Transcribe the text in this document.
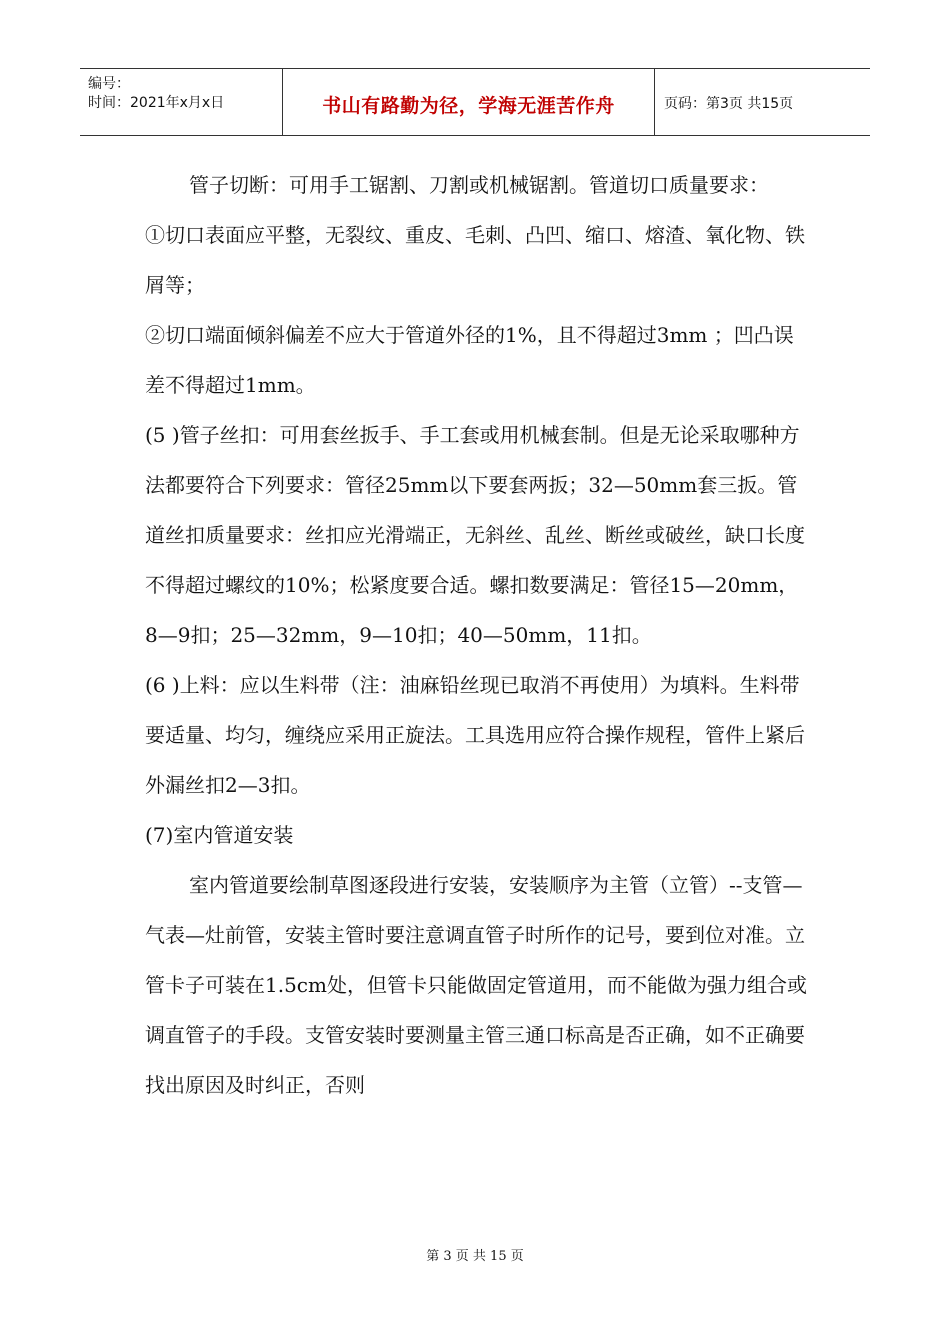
编号：
时间：2021年x月x日	书山有路勤为径，学海无涯苦作舟	页码：第3页 共15页

管子切断：可用手工锯割、刀割或机械锯割。管道切口质量要求：

①切口表面应平整，无裂纹、重皮、毛刺、凸凹、缩口、熔渣、氧化物、铁屑等；

②切口端面倾斜偏差不应大于管道外径的1%，且不得超过3mm ；凹凸误差不得超过1mm。

(5 )管子丝扣：可用套丝扳手、手工套或用机械套制。但是无论采取哪种方法都要符合下列要求：管径25mm以下要套两扳；32—50mm套三扳。管道丝扣质量要求：丝扣应光滑端正，无斜丝、乱丝、断丝或破丝，缺口长度不得超过螺纹的10%；松紧度要合适。螺扣数要满足：管径15—20mm，8—9扣；25—32mm，9—10扣；40—50mm，11扣。

(6 )上料：应以生料带（注：油麻铅丝现已取消不再使用）为填料。生料带要适量、均匀，缠绕应采用正旋法。工具选用应符合操作规程，管件上紧后外漏丝扣2—3扣。

(7)室内管道安装

室内管道要绘制草图逐段进行安装，安装顺序为主管（立管）--支管—气表—灶前管，安装主管时要注意调直管子时所作的记号，要到位对准。立管卡子可装在1.5cm处，但管卡只能做固定管道用，而不能做为强力组合或调直管子的手段。支管安装时要测量主管三通口标高是否正确，如不正确要找出原因及时纠正，否则

第 3 页 共 15 页
